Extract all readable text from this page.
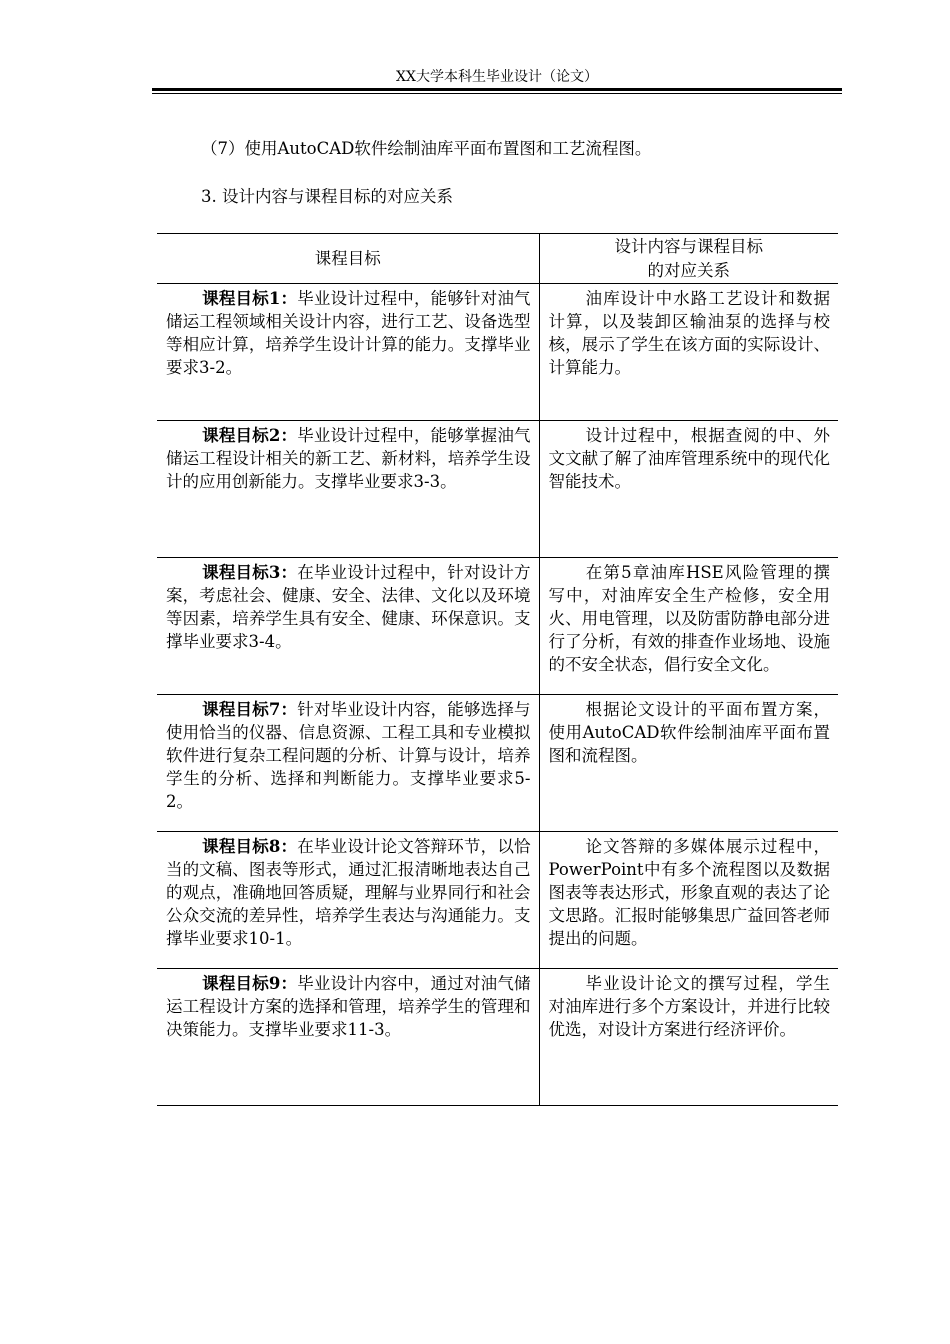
XX大学本科生毕业设计（论文）
（7）使用AutoCAD软件绘制油库平面布置图和工艺流程图。
3. 设计内容与课程目标的对应关系
课程目标	设计内容与课程目标
的对应关系

课程目标1：毕业设计过程中，能够针对油气储运工程领域相关设计内容，进行工艺、设备选型等相应计算，培养学生设计计算的能力。支撑毕业要求3-2。	油库设计中水路工艺设计和数据计算，以及装卸区输油泵的选择与校核，展示了学生在该方面的实际设计、计算能力。
课程目标2：毕业设计过程中，能够掌握油气储运工程设计相关的新工艺、新材料，培养学生设计的应用创新能力。支撑毕业要求3-3。	设计过程中，根据查阅的中、外文文献了解了油库管理系统中的现代化智能技术。
课程目标3：在毕业设计过程中，针对设计方案，考虑社会、健康、安全、法律、文化以及环境等因素，培养学生具有安全、健康、环保意识。支撑毕业要求3-4。	在第5章油库HSE风险管理的撰写中，对油库安全生产检修，安全用火、用电管理，以及防雷防静电部分进行了分析，有效的排查作业场地、设施的不安全状态，倡行安全文化。
课程目标7：针对毕业设计内容，能够选择与使用恰当的仪器、信息资源、工程工具和专业模拟软件进行复杂工程问题的分析、计算与设计，培养学生的分析、选择和判断能力。支撑毕业要求5-2。	根据论文设计的平面布置方案，使用AutoCAD软件绘制油库平面布置图和流程图。
课程目标8：在毕业设计论文答辩环节，以恰当的文稿、图表等形式，通过汇报清晰地表达自己的观点，准确地回答质疑，理解与业界同行和社会公众交流的差异性，培养学生表达与沟通能力。支撑毕业要求10-1。	论文答辩的多媒体展示过程中，PowerPoint中有多个流程图以及数据图表等表达形式，形象直观的表达了论文思路。汇报时能够集思广益回答老师提出的问题。
课程目标9：毕业设计内容中，通过对油气储运工程设计方案的选择和管理，培养学生的管理和决策能力。支撑毕业要求11-3。	毕业设计论文的撰写过程，学生对油库进行多个方案设计，并进行比较优选，对设计方案进行经济评价。
